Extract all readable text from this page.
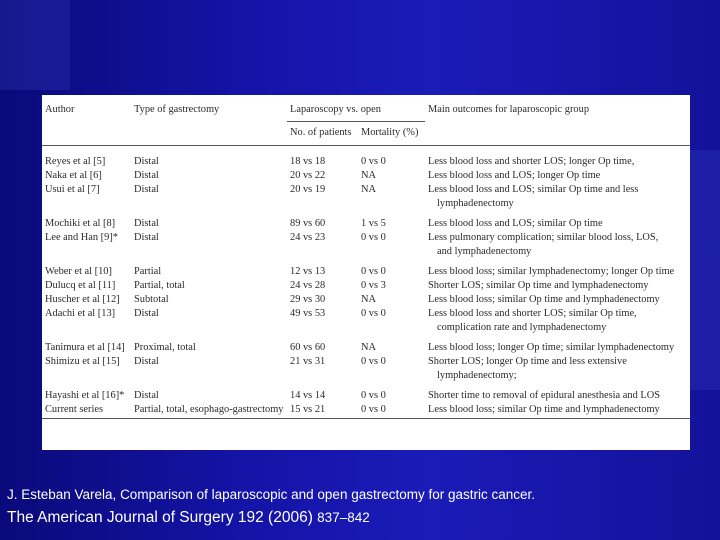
Author	Type of gastrectomy	Laparoscopy vs. open		Main outcomes for laparoscopic group
		No. of patients	Mortality (%)	
Reyes et al [5]	Distal	18 vs 18	0 vs 0	Less blood loss and shorter LOS; longer Op time,
Naka et al [6]	Distal	20 vs 22	NA	Less blood loss and LOS; longer Op time
Usui et al [7]	Distal	20 vs 19	NA	Less blood loss and LOS; similar Op time and less
				lymphadenectomy
Mochiki et al [8]	Distal	89 vs 60	1 vs 5	Less blood loss and LOS; similar Op time
Lee and Han [9]*	Distal	24 vs 23	0 vs 0	Less pulmonary complication; similar blood loss, LOS,
				and lymphadenectomy
Weber et al [10]	Partial	12 vs 13	0 vs 0	Less blood loss; similar lymphadenectomy; longer Op time
Dulucq et al [11]	Partial, total	24 vs 28	0 vs 3	Shorter LOS; similar Op time and lymphadenectomy
Huscher et al [12]	Subtotal	29 vs 30	NA	Less blood loss; similar Op time and lymphadenectomy
Adachi et al [13]	Distal	49 vs 53	0 vs 0	Less blood loss and shorter LOS; similar Op time,
				complication rate and lymphadenectomy
Tanimura et al [14]	Proximal, total	60 vs 60	NA	Less blood loss; longer Op time; similar lymphadenectomy
Shimizu et al [15]	Distal	21 vs 31	0 vs 0	Shorter LOS; longer Op time and less extensive
				lymphadenectomy;
Hayashi et al [16]*	Distal	14 vs 14	0 vs 0	Shorter time to removal of epidural anesthesia and LOS
Current series	Partial, total, esophago-gastrectomy	15 vs 21	0 vs 0	Less blood loss; similar Op time and lymphadenectomy
J. Esteban Varela, Comparison of laparoscopic and open gastrectomy for gastric cancer.
The American Journal of Surgery 192 (2006) 837–842
